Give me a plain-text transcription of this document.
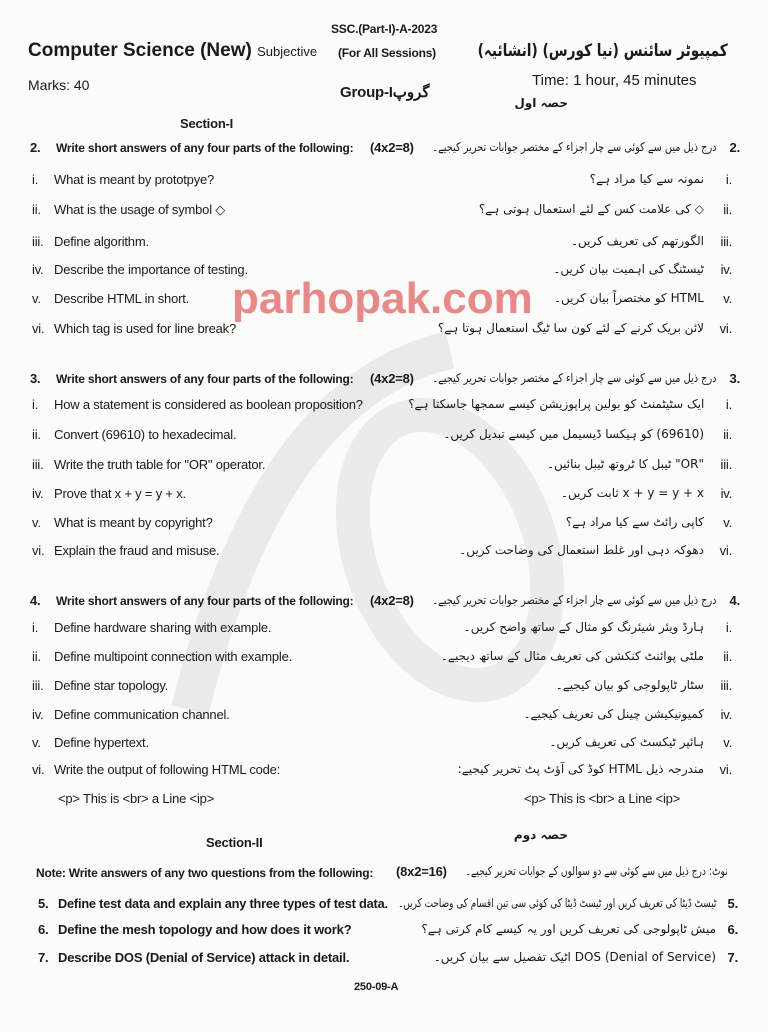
SSC.(Part-I)-A-2023
Computer Science (New) Subjective (For All Sessions) کمپیوٹر سائنس (نیا کورس) (انشائیہ)
Marks: 40	Group-Iگروپ
Time: 1 hour, 45 minutes
Section-I
حصہ اول
2. Write short answers of any four parts of the following: (4x2=8) درج ذیل میں سے کوئی سے چار اجزاء کے مختصر جوابات تحریر کیجیے۔ 2.
i. What is meant by prototpye?	نمونہ سے کیا مراد ہے؟ i.
ii. What is the usage of symbol ◇	◇ کی علامت کس کے لئے استعمال ہوتی ہے؟ ii.
iii. Define algorithm.	الگورتھم کی تعریف کریں۔ iii.
iv. Describe the importance of testing.	ٹیسٹنگ کی اہمیت بیان کریں۔ iv.
v. Describe HTML in short.	HTML کو مختصراً بیان کریں۔ v.
vi. Which tag is used for line break?	لائن بریک کرنے کے لئے کون سا ٹیگ استعمال ہوتا ہے؟ vi.
3. Write short answers of any four parts of the following: (4x2=8) درج ذیل میں سے کوئی سے چار اجزاء کے مختصر جوابات تحریر کیجیے۔ 3.
i. How a statement is considered as boolean proposition?	ایک سٹیٹمنٹ کو بولین پراپوزیشن کیسے سمجھا جاسکتا ہے؟ i.
ii. Convert (69610) to hexadecimal.	(69610) کو ہیکسا ڈیسیمل میں کیسے تبدیل کریں۔ ii.
iii. Write the truth table for "OR" operator.	"OR" ٹیبل کا ٹروتھ ٹیبل بنائیں۔ iii.
iv. Prove that x + y = y + x.	x + y = y + x ثابت کریں۔ iv.
v. What is meant by copyright?	کاپی رائٹ سے کیا مراد ہے؟ v.
vi. Explain the fraud and misuse.	دھوکہ دہی اور غلط استعمال کی وضاحت کریں۔ vi.
4. Write short answers of any four parts of the following: (4x2=8) درج ذیل میں سے کوئی سے چار اجزاء کے مختصر جوابات تحریر کیجیے۔ 4.
i. Define hardware sharing with example.	ہارڈ ویئر شیئرنگ کو مثال کے ساتھ واضح کریں۔ i.
ii. Define multipoint connection with example.	ملٹی پوائنٹ کنکشن کی تعریف مثال کے ساتھ دیجیے۔ ii.
iii. Define star topology.	سٹار ٹاپولوجی کو بیان کیجیے۔ iii.
iv. Define communication channel.	کمیونیکیشن چینل کی تعریف کیجیے۔ iv.
v. Define hypertext.	ہائپر ٹیکسٹ کی تعریف کریں۔ v.
vi. Write the output of following HTML code:	مندرجہ ذیل HTML کوڈ کی آؤٹ پٹ تحریر کیجیے: vi.
<p> This is <br> a Line <ip>	<p> This is <br> a Line <ip>
parhopak.com
Section-II	حصہ دوم
Note: Write answers of any two questions from the following: (8x2=16) نوٹ: درج ذیل میں سے کوئی سے دو سوالوں کے جوابات تحریر کیجیے۔
5. Define test data and explain any three types of test data. ٹیسٹ ڈیٹا کی تعریف کریں اور ٹیسٹ ڈیٹا کی کوئی سی تین اقسام کی وضاحت کریں۔ 5.
6. Define the mesh topology and how does it work?	میش ٹاپولوجی کی تعریف کریں اور یہ کیسے کام کرتی ہے؟ 6.
7. Describe DOS (Denial of Service) attack in detail.	DOS (Denial of Service) اٹیک تفصیل سے بیان کریں۔ 7.
250-09-A
